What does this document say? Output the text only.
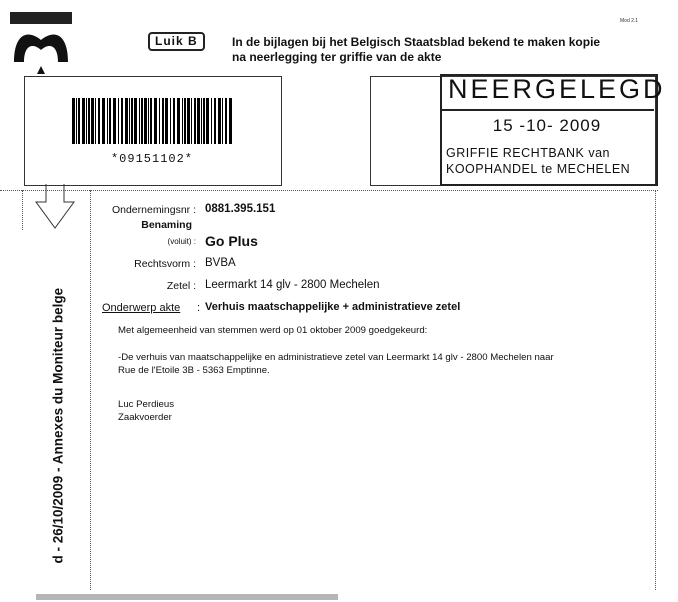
Luik B	In de bijlagen bij het Belgisch Staatsblad bekend te maken kopie
na neerlegging ter griffie van de akte
Mod 2.1
*09151102*
NEERGELEGD
15 -10- 2009
GRIFFIE RECHTBANK van
KOOPHANDEL te MECHELEN
d - 26/10/2009 - Annexes du Moniteur belge
Ondernemingsnr : 0881.395.151
Benaming
(voluit) : Go Plus
Rechtsvorm : BVBA
Zetel : Leermarkt 14 glv - 2800 Mechelen
Onderwerp akte : Verhuis maatschappelijke + administratieve zetel
Met algemeenheid van stemmen werd op 01 oktober 2009 goedgekeurd:
-De verhuis van maatschappelijke en administratieve zetel van Leermarkt 14 glv - 2800 Mechelen naar
Rue de l'Etoile 3B - 5363 Emptinne.
Luc Perdieus
Zaakvoerder
